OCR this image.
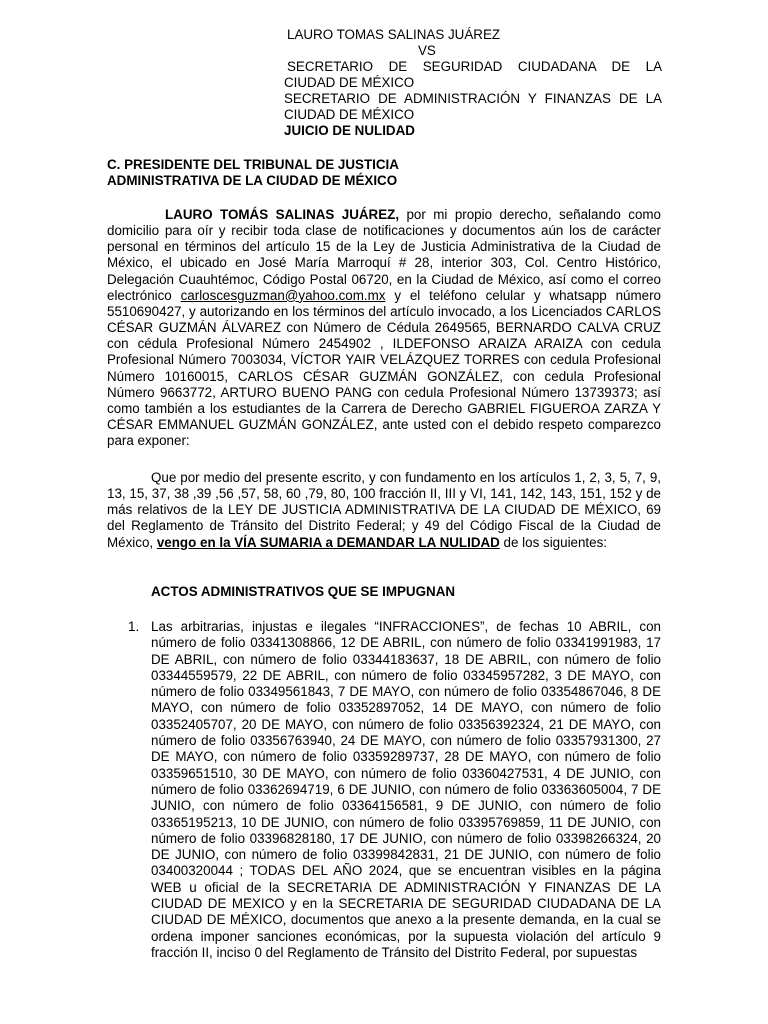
LAURO TOMAS SALINAS JUÁREZ
VS
SECRETARIO DE SEGURIDAD CIUDADANA DE LA
CIUDAD DE MÉXICO
SECRETARIO DE ADMINISTRACIÓN Y FINANZAS DE LA
CIUDAD DE MÉXICO
JUICIO DE NULIDAD
C. PRESIDENTE DEL TRIBUNAL DE JUSTICIA
ADMINISTRATIVA DE LA CIUDAD DE MÉXICO
LAURO TOMÁS SALINAS JUÁREZ, por mi propio derecho, señalando como domicilio para oír y recibir toda clase de notificaciones y documentos aún los de carácter personal en términos del artículo 15 de la Ley de Justicia Administrativa de la Ciudad de México, el ubicado en José María Marroquí # 28, interior 303, Col. Centro Histórico, Delegación Cuauhtémoc, Código Postal 06720, en la Ciudad de México, así como el correo electrónico carloscesguzman@yahoo.com.mx y el teléfono celular y whatsapp número 5510690427, y autorizando en los términos del artículo invocado, a los Licenciados CARLOS CÉSAR GUZMÁN ÁLVAREZ con Número de Cédula 2649565, BERNARDO CALVA CRUZ con cédula Profesional Número 2454902 , ILDEFONSO ARAIZA ARAIZA con cedula Profesional Número 7003034, VÍCTOR YAIR VELÁZQUEZ TORRES con cedula Profesional Número 10160015, CARLOS CÉSAR GUZMÁN GONZÁLEZ, con cedula Profesional Número 9663772, ARTURO BUENO PANG con cedula Profesional Número 13739373; así como también a los estudiantes de la Carrera de Derecho GABRIEL FIGUEROA ZARZA Y CÉSAR EMMANUEL GUZMÁN GONZÁLEZ, ante usted con el debido respeto comparezco para exponer:
Que por medio del presente escrito, y con fundamento en los artículos 1, 2, 3, 5, 7, 9, 13, 15, 37, 38 ,39 ,56 ,57, 58, 60 ,79, 80, 100 fracción II, III y VI, 141, 142, 143, 151, 152 y de más relativos de la LEY DE JUSTICIA ADMINISTRATIVA DE LA CIUDAD DE MÉXICO, 69 del Reglamento de Tránsito del Distrito Federal; y 49 del Código Fiscal de la Ciudad de México, vengo en la VÍA SUMARIA a DEMANDAR LA NULIDAD de los siguientes:
ACTOS ADMINISTRATIVOS QUE SE IMPUGNAN
1. Las arbitrarias, injustas e ilegales “INFRACCIONES”, de fechas 10 ABRIL, con número de folio 03341308866, 12 DE ABRIL, con número de folio 03341991983, 17 DE ABRIL, con número de folio 03344183637, 18 DE ABRIL, con número de folio 03344559579, 22 DE ABRIL, con número de folio 03345957282, 3 DE MAYO, con número de folio 03349561843, 7 DE MAYO, con número de folio 03354867046, 8 DE MAYO, con número de folio 03352897052, 14 DE MAYO, con número de folio 03352405707, 20 DE MAYO, con número de folio 03356392324, 21 DE MAYO, con número de folio 03356763940, 24 DE MAYO, con número de folio 03357931300, 27 DE MAYO, con número de folio 03359289737, 28 DE MAYO, con número de folio 03359651510, 30 DE MAYO, con número de folio 03360427531, 4 DE JUNIO, con número de folio 03362694719, 6 DE JUNIO, con número de folio 03363605004, 7 DE JUNIO, con número de folio 03364156581, 9 DE JUNIO, con número de folio 03365195213, 10 DE JUNIO, con número de folio 03395769859, 11 DE JUNIO, con número de folio 03396828180, 17 DE JUNIO, con número de folio 03398266324, 20 DE JUNIO, con número de folio 03399842831, 21 DE JUNIO, con número de folio 03400320044 ; TODAS DEL AÑO 2024, que se encuentran visibles en la página WEB u oficial de la SECRETARIA DE ADMINISTRACIÓN Y FINANZAS DE LA CIUDAD DE MEXICO y en la SECRETARIA DE SEGURIDAD CIUDADANA DE LA CIUDAD DE MÉXICO, documentos que anexo a la presente demanda, en la cual se ordena imponer sanciones económicas, por la supuesta violación del artículo 9 fracción II, inciso 0 del Reglamento de Tránsito del Distrito Federal, por supuestas
